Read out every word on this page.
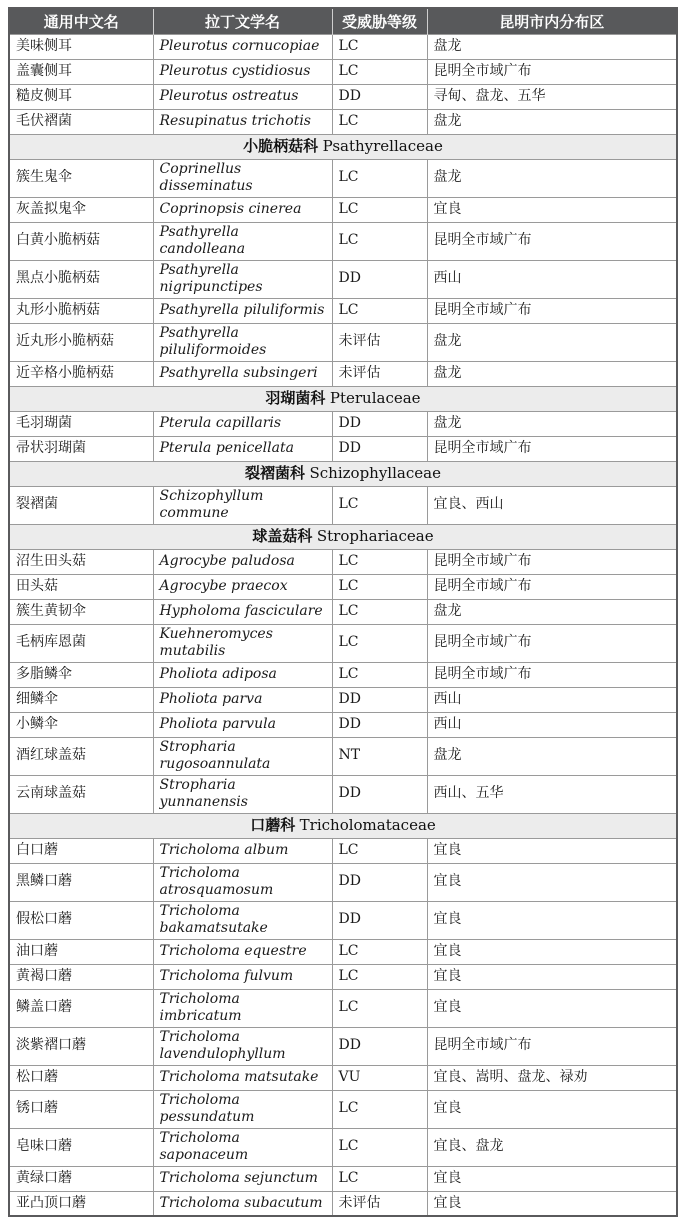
通用中文名	拉丁文学名	受威胁等级	昆明市内分布区
美味侧耳	Pleurotus cornucopiae	LC	盘龙
盖囊侧耳	Pleurotus cystidiosus	LC	昆明全市域广布
糙皮侧耳	Pleurotus ostreatus	DD	寻甸、盘龙、五华
毛伏褶菌	Resupinatus trichotis	LC	盘龙
小脆柄菇科 Psathyrellaceae			
簇生鬼伞	Coprinellus disseminatus	LC	盘龙
灰盖拟鬼伞	Coprinopsis cinerea	LC	宜良
白黄小脆柄菇	Psathyrella candolleana	LC	昆明全市域广布
黑点小脆柄菇	Psathyrella nigripunctipes	DD	西山
丸形小脆柄菇	Psathyrella piluliformis	LC	昆明全市域广布
近丸形小脆柄菇	Psathyrella piluliformoides	未评估	盘龙
近辛格小脆柄菇	Psathyrella subsingeri	未评估	盘龙
羽瑚菌科 Pterulaceae			
毛羽瑚菌	Pterula capillaris	DD	盘龙
帚状羽瑚菌	Pterula penicellata	DD	昆明全市域广布
裂褶菌科 Schizophyllaceae			
裂褶菌	Schizophyllum commune	LC	宜良、西山
球盖菇科 Strophariaceae			
沼生田头菇	Agrocybe paludosa	LC	昆明全市域广布
田头菇	Agrocybe praecox	LC	昆明全市域广布
簇生黄韧伞	Hypholoma fasciculare	LC	盘龙
毛柄库恩菌	Kuehneromyces mutabilis	LC	昆明全市域广布
多脂鳞伞	Pholiota adiposa	LC	昆明全市域广布
细鳞伞	Pholiota parva	DD	西山
小鳞伞	Pholiota parvula	DD	西山
酒红球盖菇	Stropharia rugosoannulata	NT	盘龙
云南球盖菇	Stropharia yunnanensis	DD	西山、五华
口蘑科 Tricholomataceae			
白口蘑	Tricholoma album	LC	宜良
黑鳞口蘑	Tricholoma atrosquamosum	DD	宜良
假松口蘑	Tricholoma bakamatsutake	DD	宜良
油口蘑	Tricholoma equestre	LC	宜良
黄褐口蘑	Tricholoma fulvum	LC	宜良
鳞盖口蘑	Tricholoma imbricatum	LC	宜良
淡紫褶口蘑	Tricholoma lavendulophyllum	DD	昆明全市域广布
松口蘑	Tricholoma matsutake	VU	宜良、嵩明、盘龙、禄劝
锈口蘑	Tricholoma pessundatum	LC	宜良
皂味口蘑	Tricholoma saponaceum	LC	宜良、盘龙
黄绿口蘑	Tricholoma sejunctum	LC	宜良
亚凸顶口蘑	Tricholoma subacutum	未评估	宜良
